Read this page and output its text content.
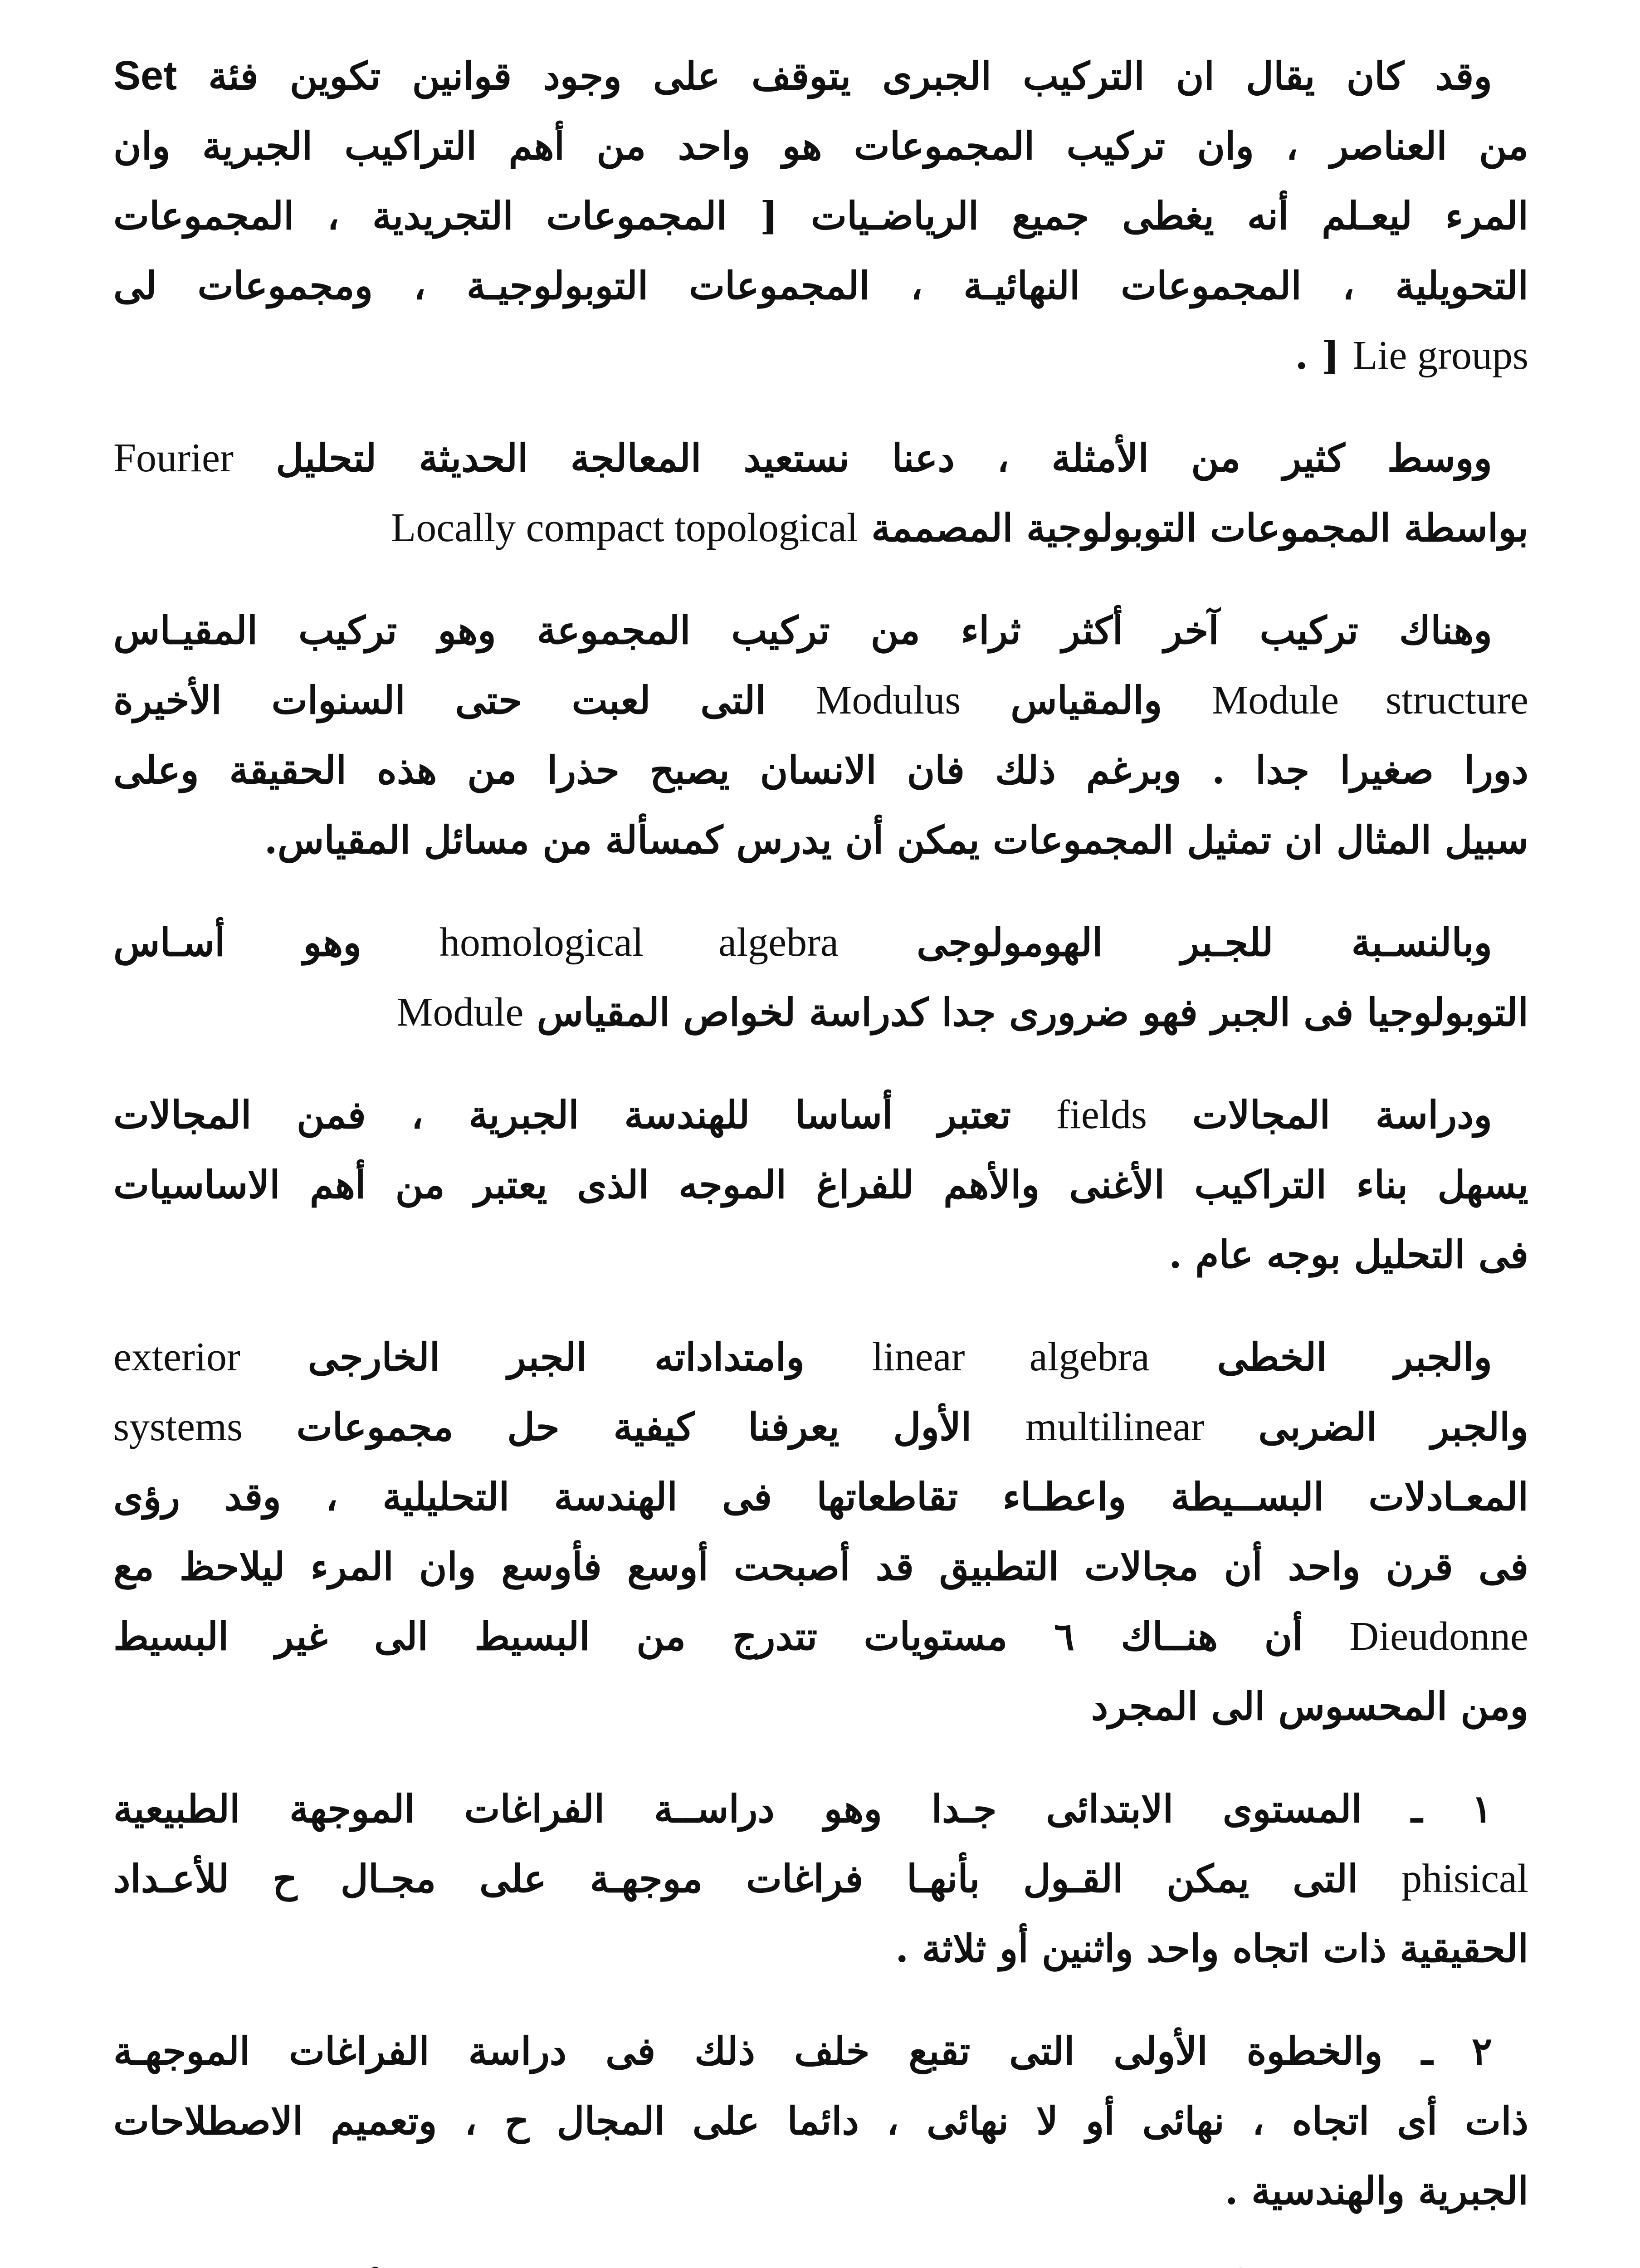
وقد كان يقال ان التركيب الجبرى يتوقف على وجود قوانين تكوين فئة Set
من العناصر ، وان تركيب المجموعات هو واحد من أهم التراكيب الجبرية وان
المرء ليعـلم أنه يغطى جميع الرياضـيات [ المجموعات التجريدية ، المجموعات
التحويلية ، المجموعات النهائيـة ، المجموعات التوبولوجيـة ، ومجموعات لى
Lie groups [ .

ووسط كثير من الأمثلة ، دعنا نستعيد المعالجة الحديثة لتحليل Fourier
بواسطة المجموعات التوبولوجية المصممة Locally compact topological

وهناك تركيب آخر أكثر ثراء من تركيب المجموعة وهو تركيب المقيـاس
Module structure والمقياس Modulus التى لعبت حتى السنوات الأخيرة
دورا صغيرا جدا . وبرغم ذلك فان الانسان يصبح حذرا من هذه الحقيقة وعلى
سبيل المثال ان تمثيل المجموعات يمكن أن يدرس كمسألة من مسائل المقياس.

وبالنسـبة للجـبر الهومولوجى homological algebra وهو أسـاس
التوبولوجيا فى الجبر فهو ضرورى جدا كدراسة لخواص المقياس Module

ودراسة المجالات fields تعتبر أساسا للهندسة الجبرية ، فمن المجالات
يسهل بناء التراكيب الأغنى والأهم للفراغ الموجه الذى يعتبر من أهم الاساسيات
فى التحليل بوجه عام .

والجبر الخطى linear algebra وامتداداته الجبر الخارجى exterior
والجبر الضربى multilinear الأول يعرفنا كيفية حل مجموعات systems
المعـادلات البســيطة واعطـاء تقاطعاتها فى الهندسة التحليلية ، وقد رؤى
فى قرن واحد أن مجالات التطبيق قد أصبحت أوسع فأوسع وان المرء ليلاحظ مع
Dieudonne أن هنــاك ٦ مستويات تتدرج من البسيط الى غير البسيط
ومن المحسوس الى المجرد

١ ـ المستوى الابتدائى جـدا وهو دراســة الفراغات الموجهة الطبيعية
phisical التى يمكن القـول بأنهـا فراغات موجهـة على مجـال ح للأعـداد
الحقيقية ذات اتجاه واحد واثنين أو ثلاثة .

٢ ـ والخطوة الأولى التى تقبع خلف ذلك فى دراسة الفراغات الموجهـة
ذات أى اتجاه ، نهائى أو لا نهائى ، دائما على المجال ح ، وتعميم الاصطلاحات
الجبرية والهندسية .
